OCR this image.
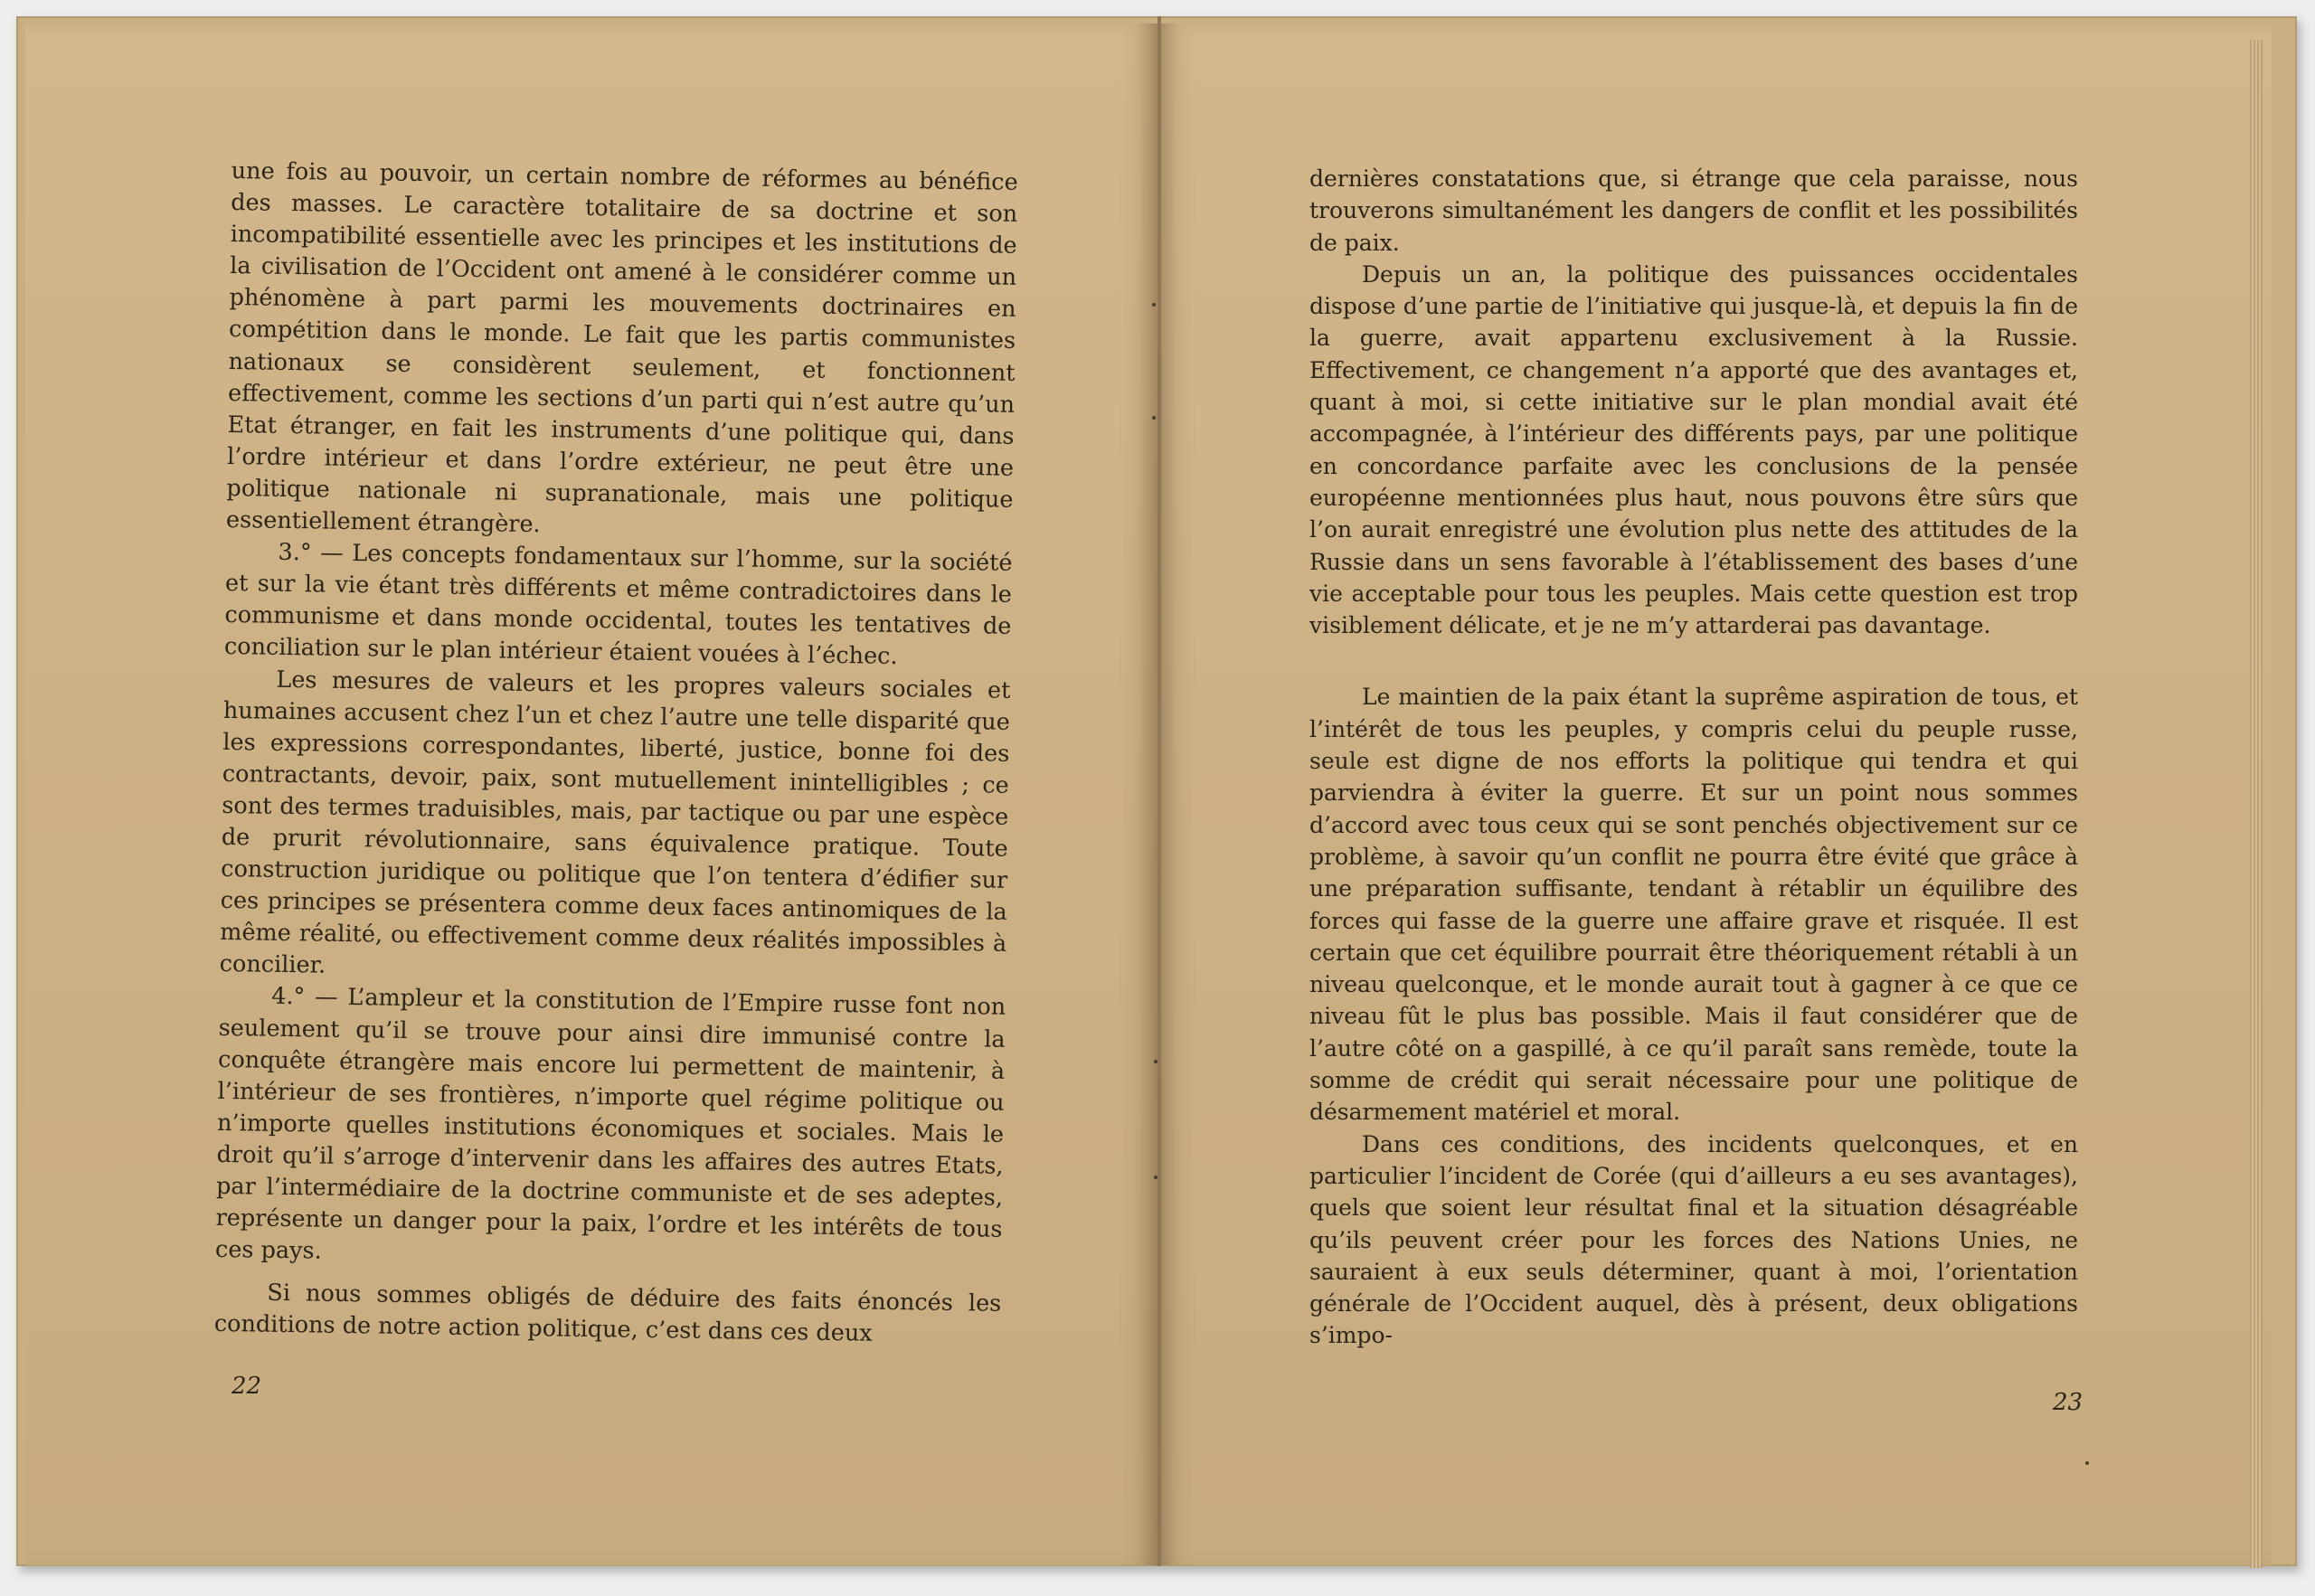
une fois au pouvoir, un certain nombre de réformes au bénéfice des masses. Le caractère totalitaire de sa doctrine et son incompatibilité essentielle avec les principes et les institutions de la civilisation de l’Occident ont amené à le considérer comme un phénomène à part parmi les mouvements doctrinaires en compétition dans le monde. Le fait que les partis communistes nationaux se considèrent seulement, et fonctionnent effectivement, comme les sections d’un parti qui n’est autre qu’un Etat étranger, en fait les instruments d’une politique qui, dans l’ordre intérieur et dans l’ordre extérieur, ne peut être une politique nationale ni supranationale, mais une politique essentiellement étrangère.

3.° — Les concepts fondamentaux sur l’homme, sur la société et sur la vie étant très différents et même contradictoires dans le communisme et dans monde occidental, toutes les tentatives de conciliation sur le plan intérieur étaient vouées à l’échec.

Les mesures de valeurs et les propres valeurs sociales et humaines accusent chez l’un et chez l’autre une telle disparité que les expressions correspondantes, liberté, justice, bonne foi des contractants, devoir, paix, sont mutuellement inintelligibles ; ce sont des termes traduisibles, mais, par tactique ou par une espèce de prurit révolutionnaire, sans équivalence pratique. Toute construction juridique ou politique que l’on tentera d’édifier sur ces principes se présentera comme deux faces antinomiques de la même réalité, ou effectivement comme deux réalités impossibles à concilier.

4.° — L’ampleur et la constitution de l’Empire russe font non seulement qu’il se trouve pour ainsi dire immunisé contre la conquête étrangère mais encore lui permettent de maintenir, à l’intérieur de ses frontières, n’importe quel régime politique ou n’importe quelles institutions économiques et sociales. Mais le droit qu’il s’arroge d’intervenir dans les affaires des autres Etats, par l’intermédiaire de la doctrine communiste et de ses adeptes, représente un danger pour la paix, l’ordre et les intérêts de tous ces pays.

Si nous sommes obligés de déduire des faits énoncés les conditions de notre action politique, c’est dans ces deux

dernières constatations que, si étrange que cela paraisse, nous trouverons simultanément les dangers de conflit et les possibilités de paix.

Depuis un an, la politique des puissances occidentales dispose d’une partie de l’initiative qui jusque-là, et depuis la fin de la guerre, avait appartenu exclusivement à la Russie. Effectivement, ce changement n’a apporté que des avantages et, quant à moi, si cette initiative sur le plan mondial avait été accompagnée, à l’intérieur des différents pays, par une politique en concordance parfaite avec les conclusions de la pensée européenne mentionnées plus haut, nous pouvons être sûrs que l’on aurait enregistré une évolution plus nette des attitudes de la Russie dans un sens favorable à l’établissement des bases d’une vie acceptable pour tous les peuples. Mais cette question est trop visiblement délicate, et je ne m’y attarderai pas davantage.

Le maintien de la paix étant la suprême aspiration de tous, et l’intérêt de tous les peuples, y compris celui du peuple russe, seule est digne de nos efforts la politique qui tendra et qui parviendra à éviter la guerre. Et sur un point nous sommes d’accord avec tous ceux qui se sont penchés objectivement sur ce problème, à savoir qu’un conflit ne pourra être évité que grâce à une préparation suffisante, tendant à rétablir un équilibre des forces qui fasse de la guerre une affaire grave et risquée. Il est certain que cet équilibre pourrait être théoriquement rétabli à un niveau quelconque, et le monde aurait tout à gagner à ce que ce niveau fût le plus bas possible. Mais il faut considérer que de l’autre côté on a gaspillé, à ce qu’il paraît sans remède, toute la somme de crédit qui serait nécessaire pour une politique de désarmement matériel et moral.

Dans ces conditions, des incidents quelconques, et en particulier l’incident de Corée (qui d’ailleurs a eu ses avantages), quels que soient leur résultat final et la situation désagréable qu’ils peuvent créer pour les forces des Nations Unies, ne sauraient à eux seuls déterminer, quant à moi, l’orientation générale de l’Occident auquel, dès à présent, deux obligations s’impo-

22
23
